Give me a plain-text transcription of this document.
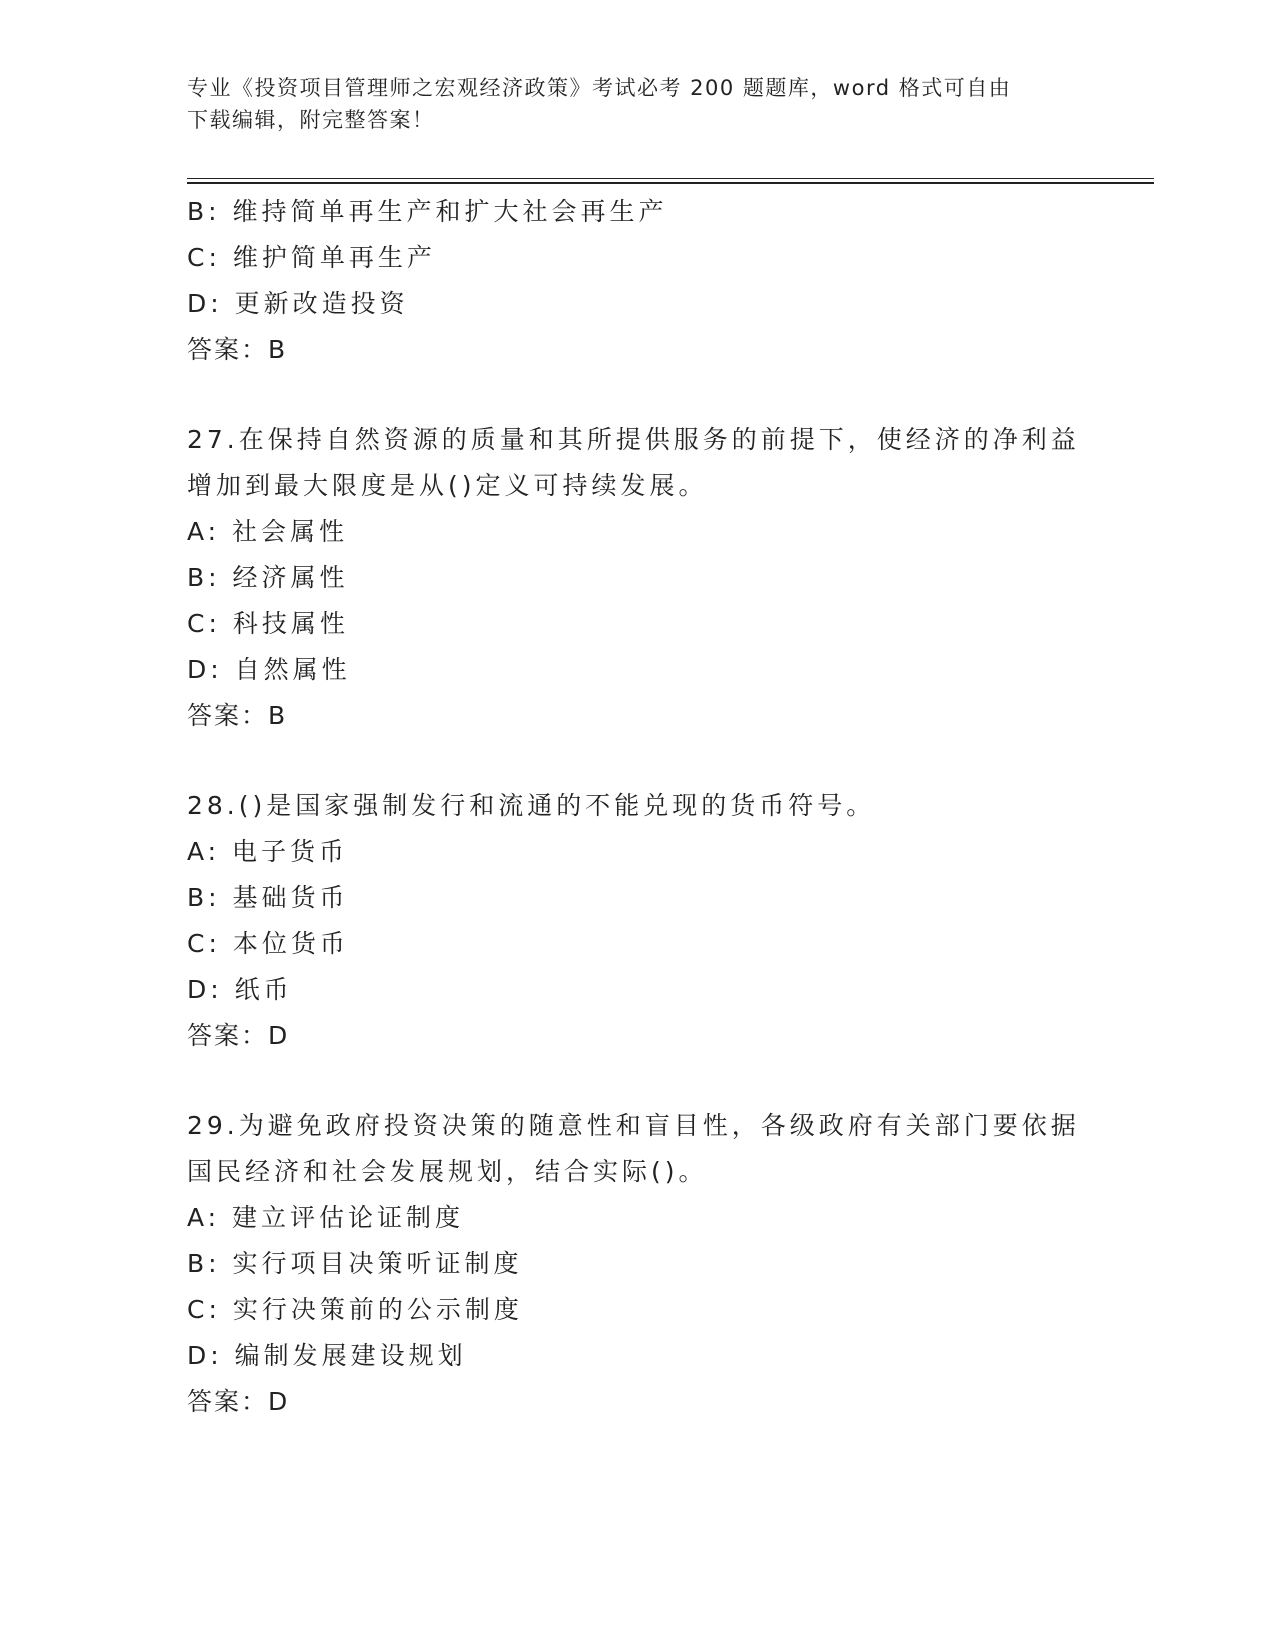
专业《投资项目管理师之宏观经济政策》考试必考 200 题题库，word 格式可自由
下载编辑，附完整答案！
B: 维持简单再生产和扩大社会再生产
C: 维护简单再生产
D: 更新改造投资
答案：B
27.在保持自然资源的质量和其所提供服务的前提下，使经济的净利益
增加到最大限度是从()定义可持续发展。
A: 社会属性
B: 经济属性
C: 科技属性
D: 自然属性
答案：B
28.()是国家强制发行和流通的不能兑现的货币符号。
A: 电子货币
B: 基础货币
C: 本位货币
D: 纸币
答案：D
29.为避免政府投资决策的随意性和盲目性，各级政府有关部门要依据
国民经济和社会发展规划，结合实际()。
A: 建立评估论证制度
B: 实行项目决策听证制度
C: 实行决策前的公示制度
D: 编制发展建设规划
答案：D
